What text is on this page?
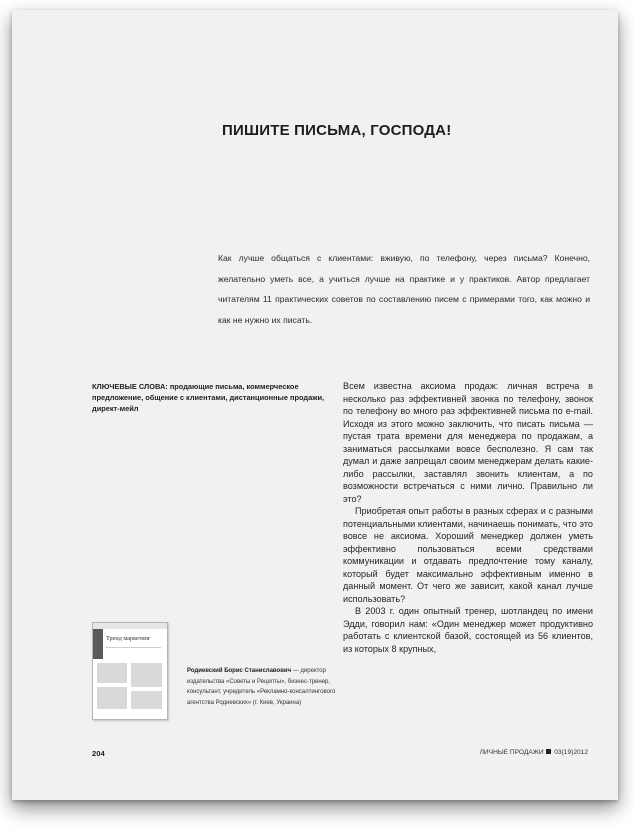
ПИШИТЕ ПИСЬМА, ГОСПОДА!

Как лучше общаться с клиентами: вживую, по телефону, через письма? Конечно, желательно уметь все, а учиться лучше на практике и у практиков. Автор предлагает читателям 11 практических советов по составлению писем с примерами того, как можно и как не нужно их писать.

КЛЮЧЕВЫЕ СЛОВА: продающие письма, коммерческое предложение, общение с клиентами, дистанционные продажи, директ-мейл

Всем известна аксиома продаж: личная встреча в несколько раз эффективней звонка по телефону, звонок по телефону во много раз эффективней письма по e-mail. Исходя из этого можно заключить, что писать письма — пустая трата времени для менеджера по продажам, а заниматься рассылками вовсе бесполезно. Я сам так думал и даже запрещал своим менеджерам делать какие-либо рассылки, заставлял звонить клиентам, а по возможности встречаться с ними лично. Правильно ли это?

Приобретая опыт работы в разных сферах и с разными потенциальными клиентами, начинаешь понимать, что это вовсе не аксиома. Хороший менеджер должен уметь эффективно пользоваться всеми средствами коммуникации и отдавать предпочтение тому каналу, который будет максимально эффективным именно в данный момент. От чего же зависит, какой канал лучше использовать?

В 2003 г. один опытный тренер, шотландец по имени Эдди, говорил нам: «Один менеджер может продуктивно работать с клиентской базой, состоящей из 56 клиентов, из которых 8 крупных,

Тренд маркетинг

Родиевский Борис Станиславович — директор издательства «Советы и Рецепты», бизнес-тренер, консультант, учредитель «Рекламно-консалтингового агентства Родиевских» (г. Киев, Украина)

204	ЛИЧНЫЕ ПРОДАЖИ 03(19)2012
